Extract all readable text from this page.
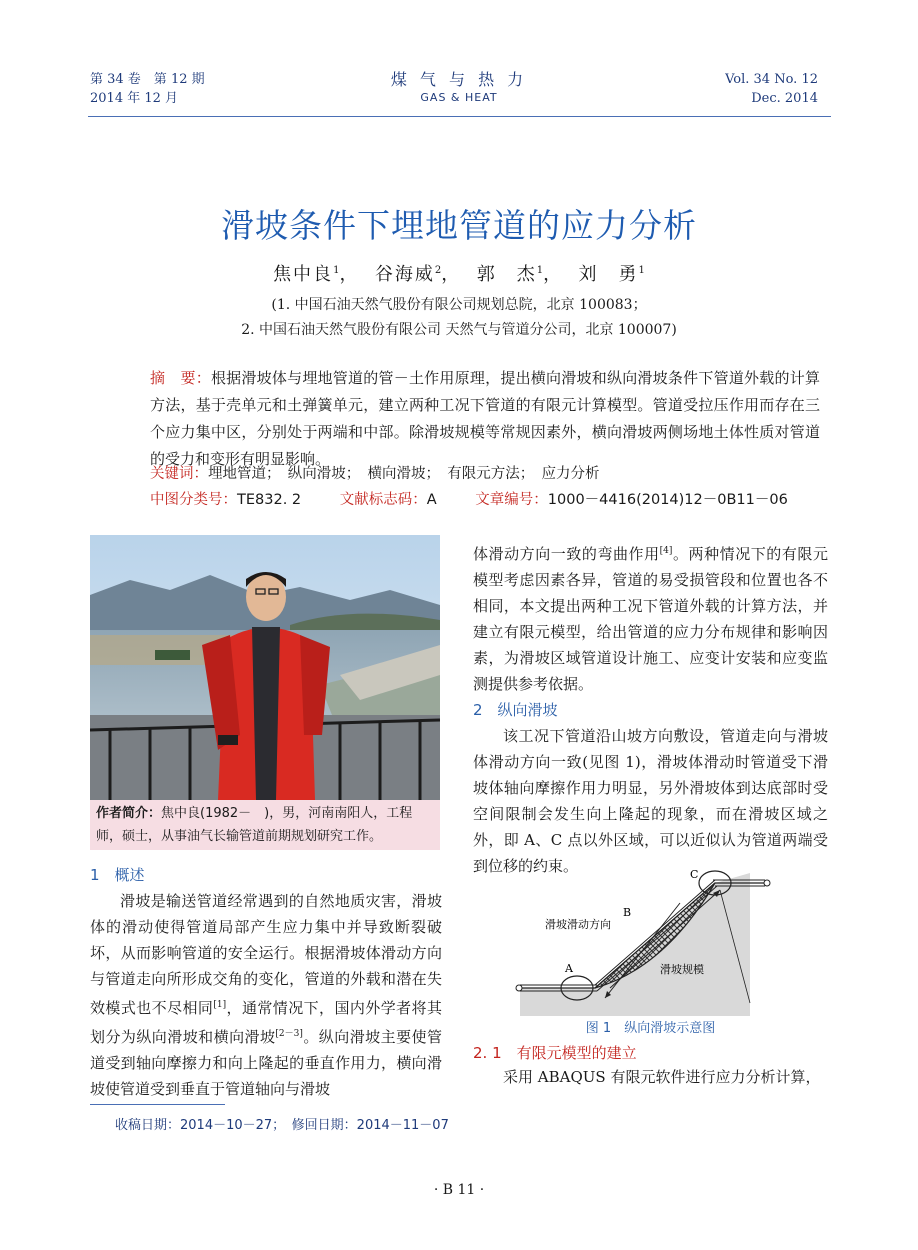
第 34 卷　第 12 期
2014 年 12 月
煤 气 与 热 力
GAS & HEAT
Vol. 34 No. 12
Dec. 2014
滑坡条件下埋地管道的应力分析
焦中良$^1$，  谷海威$^2$，  郭　杰$^1$，  刘　勇$^1$
(1. 中国石油天然气股份有限公司规划总院，北京 100083；
2. 中国石油天然气股份有限公司 天然气与管道分公司，北京 100007)
摘　要：根据滑坡体与埋地管道的管－土作用原理，提出横向滑坡和纵向滑坡条件下管道外载的计算方法，基于壳单元和土弹簧单元，建立两种工况下管道的有限元计算模型。管道受拉压作用而存在三个应力集中区，分别处于两端和中部。除滑坡规模等常规因素外，横向滑坡两侧场地土体性质对管道的受力和变形有明显影响。
关键词：埋地管道；　纵向滑坡；　横向滑坡；　有限元方法；　应力分析
中图分类号：TE832. 2	文献标志码：A	文章编号：1000－4416(2014)12－0B11－06
作者简介：焦中良(1982－　)，男，河南南阳人，工程师，硕士，从事油气长输管道前期规划研究工作。
1　概述

滑坡是输送管道经常遇到的自然地质灾害，滑坡体的滑动使得管道局部产生应力集中并导致断裂破坏，从而影响管道的安全运行。根据滑坡体滑动方向与管道走向所形成交角的变化，管道的外载和潜在失效模式也不尽相同[1]，通常情况下，国内外学者将其划分为纵向滑坡和横向滑坡[2－3]。纵向滑坡主要使管道受到轴向摩擦力和向上隆起的垂直作用力，横向滑坡使管道受到垂直于管道轴向与滑坡

体滑动方向一致的弯曲作用[4]。两种情况下的有限元模型考虑因素各异，管道的易受损管段和位置也各不相同，本文提出两种工况下管道外载的计算方法，并建立有限元模型，给出管道的应力分布规律和影响因素，为滑坡区域管道设计施工、应变计安装和应变监测提供参考依据。

2　纵向滑坡

该工况下管道沿山坡方向敷设，管道走向与滑坡体滑动方向一致(见图 1)，滑坡体滑动时管道受下滑坡体轴向摩擦作用力明显，另外滑坡体到达底部时受空间限制会发生向上隆起的现象，而在滑坡区域之外，即 A、C 点以外区域，可以近似认为管道两端受到位移的约束。	C
B
A
滑坡滑动方向
滑坡规模
图 1　纵向滑坡示意图
2. 1　有限元模型的建立

采用 ABAQUS 有限元软件进行应力分析计算，

收稿日期：2014－10－27；　修回日期：2014－11－07
· B 11 ·
